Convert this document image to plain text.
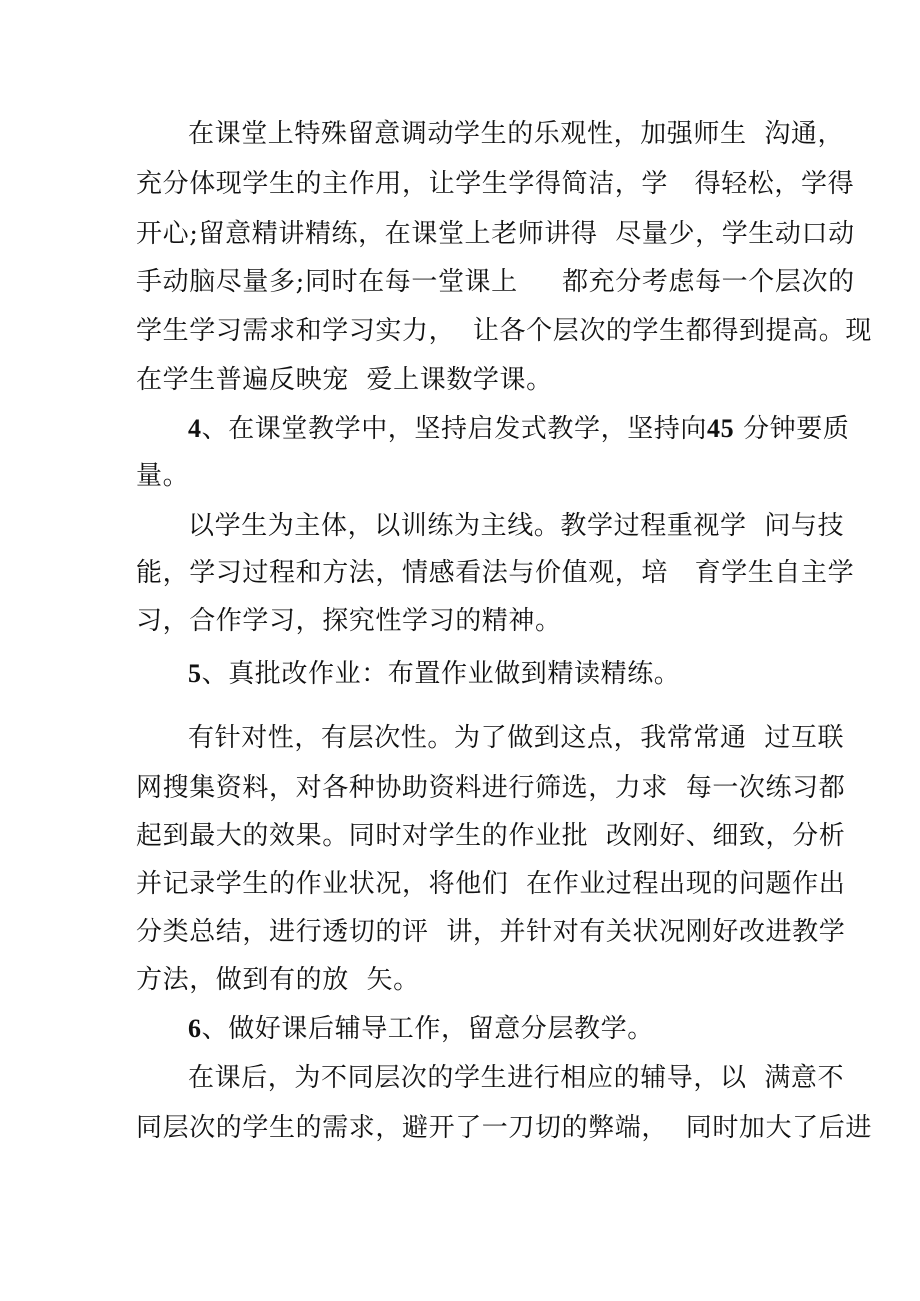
在课堂上特殊留意调动学生的乐观性，加强师生  沟通，
充分体现学生的主作用，让学生学得简洁，学   得轻松，学得
开心;留意精讲精练，在课堂上老师讲得  尽量少，学生动口动
手动脑尽量多;同时在每一堂课上     都充分考虑每一个层次的
学生学习需求和学习实力，  让各个层次的学生都得到提高。现
在学生普遍反映宠  爱上课数学课。
4、在课堂教学中，坚持启发式教学，坚持向45 分钟要质
量。
以学生为主体，以训练为主线。教学过程重视学  问与技
能，学习过程和方法，情感看法与价值观，培   育学生自主学
习，合作学习，探究性学习的精神。
5、真批改作业：布置作业做到精读精练。
有针对性，有层次性。为了做到这点，我常常通  过互联
网搜集资料，对各种协助资料进行筛选，力求  每一次练习都
起到最大的效果。同时对学生的作业批  改刚好、细致，分析
并记录学生的作业状况，将他们  在作业过程出现的问题作出
分类总结，进行透切的评  讲，并针对有关状况刚好改进教学
方法，做到有的放  矢。
6、做好课后辅导工作，留意分层教学。
在课后，为不同层次的学生进行相应的辅导，以  满意不
同层次的学生的需求，避开了一刀切的弊端，  同时加大了后进
